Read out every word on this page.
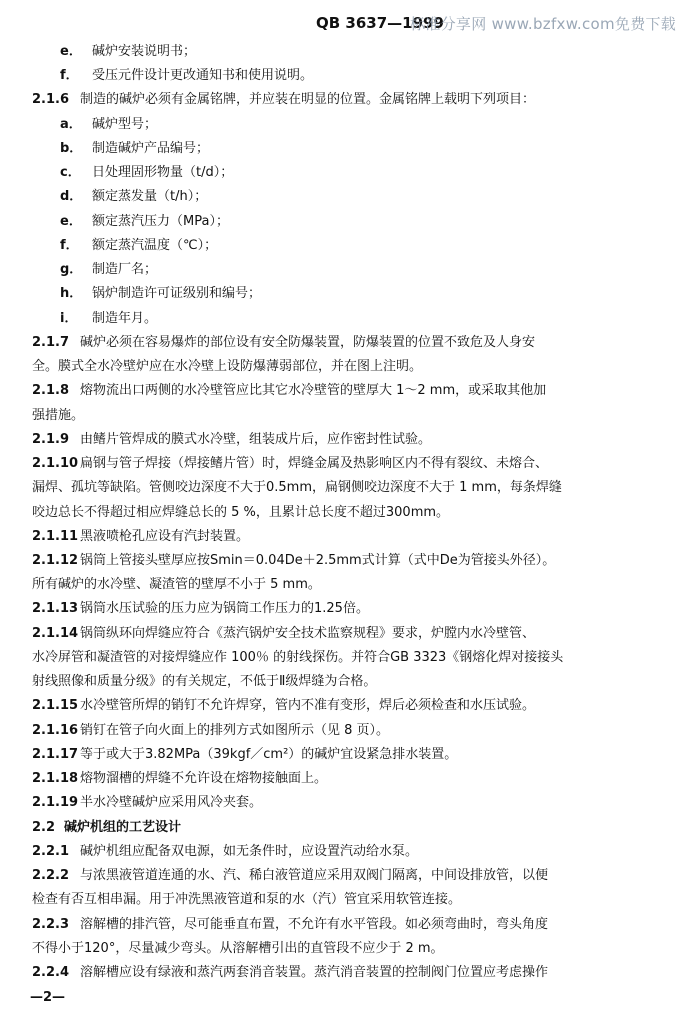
QB 3637—1999
标准分享网 www.bzfxw.com免费下载
e． 碱炉安装说明书；
f． 受压元件设计更改通知书和使用说明。
2.1.6 制造的碱炉必须有金属铭牌，并应装在明显的位置。金属铭牌上载明下列项目：
a． 碱炉型号；
b． 制造碱炉产品编号；
c． 日处理固形物量（t/d）；
d． 额定蒸发量（t/h）；
e． 额定蒸汽压力（MPa）；
f． 额定蒸汽温度（℃）；
g． 制造厂名；
h． 锅炉制造许可证级别和编号；
i． 制造年月。
2.1.7 碱炉必须在容易爆炸的部位设有安全防爆装置，防爆装置的位置不致危及人身安
全。膜式全水冷壁炉应在水冷壁上设防爆薄弱部位，并在图上注明。
2.1.8 熔物流出口两侧的水冷壁管应比其它水冷壁管的壁厚大 1～2 mm，或采取其他加
强措施。
2.1.9 由鳍片管焊成的膜式水冷壁，组装成片后，应作密封性试验。
2.1.10 扁钢与管子焊接（焊接鳍片管）时，焊缝金属及热影响区内不得有裂纹、未熔合、
漏焊、孤坑等缺陷。管侧咬边深度不大于0.5mm，扁钢侧咬边深度不大于 1 mm，每条焊缝
咬边总长不得超过相应焊缝总长的 5 %，且累计总长度不超过300mm。
2.1.11 黑液喷枪孔应设有汽封装置。
2.1.12 锅筒上管接头壁厚应按Smin＝0.04De＋2.5mm式计算（式中De为管接头外径）。
所有碱炉的水冷壁、凝渣管的壁厚不小于 5 mm。
2.1.13 锅筒水压试验的压力应为锅筒工作压力的1.25倍。
2.1.14 锅筒纵环向焊缝应符合《蒸汽锅炉安全技术监察规程》要求，炉膛内水冷壁管、
水冷屏管和凝渣管的对接焊缝应作 100％ 的射线探伤。并符合GB 3323《钢熔化焊对接接头
射线照像和质量分级》的有关规定，不低于Ⅱ级焊缝为合格。
2.1.15 水冷壁管所焊的销钉不允许焊穿，管内不准有变形，焊后必须检查和水压试验。
2.1.16 销钉在管子向火面上的排列方式如图所示（见 8 页）。
2.1.17 等于或大于3.82MPa（39kgf／cm²）的碱炉宜设紧急排水装置。
2.1.18 熔物溜槽的焊缝不允许设在熔物接触面上。
2.1.19 半水冷壁碱炉应采用风冷夹套。
2.2 碱炉机组的工艺设计
2.2.1 碱炉机组应配备双电源，如无条件时，应设置汽动给水泵。
2.2.2 与浓黑液管道连通的水、汽、稀白液管道应采用双阀门隔离，中间设排放管，以便
检查有否互相串漏。用于冲洗黑液管道和泵的水（汽）管宜采用软管连接。
2.2.3 溶解槽的排汽管，尽可能垂直布置，不允许有水平管段。如必须弯曲时，弯头角度
不得小于120°，尽量减少弯头。从溶解槽引出的直管段不应少于 2 m。
2.2.4 溶解槽应设有绿液和蒸汽两套消音装置。蒸汽消音装置的控制阀门位置应考虑操作
—2—
